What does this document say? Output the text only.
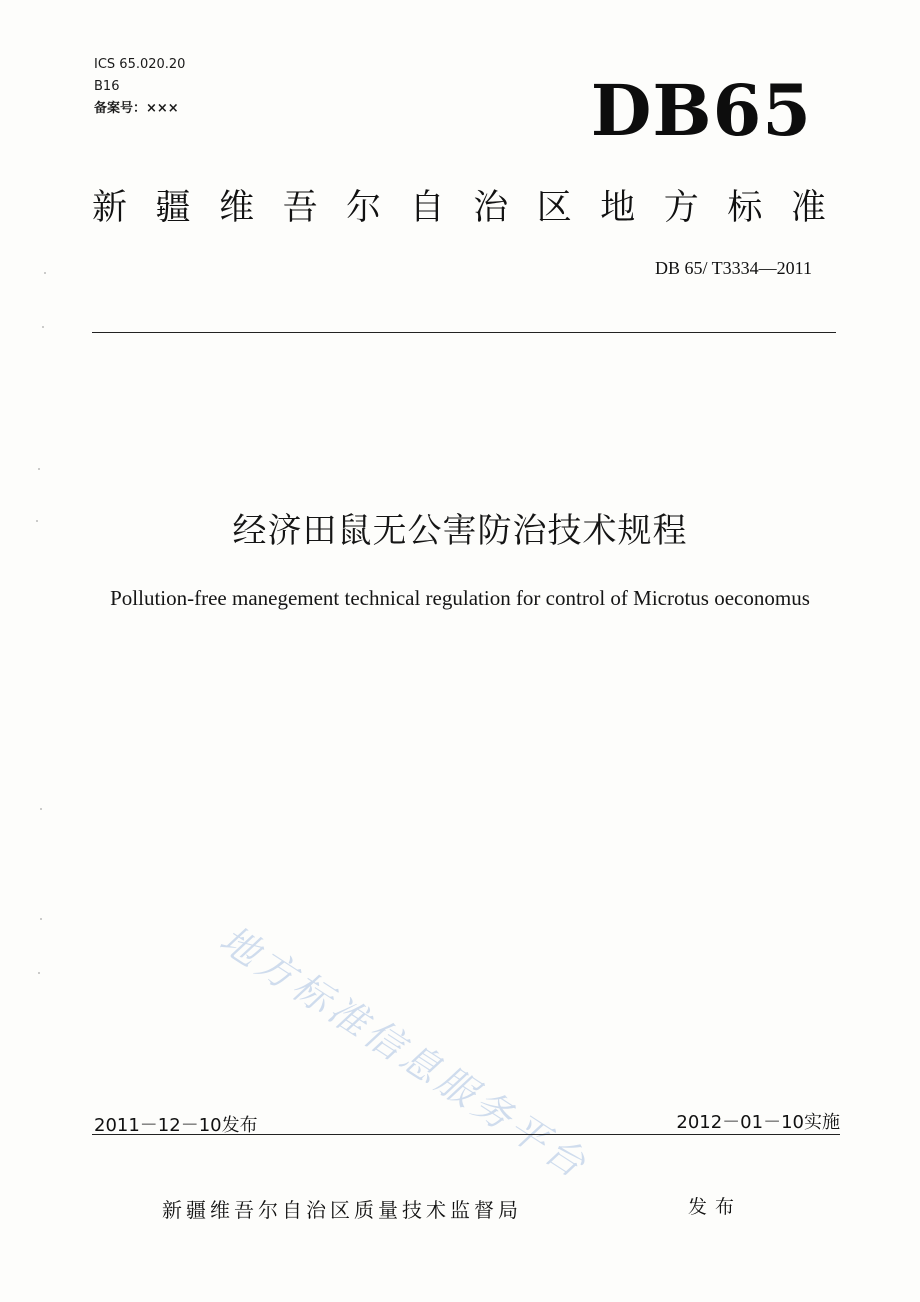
ICS 65.020.20
B16
备案号：×××	DB65
新 疆 维 吾 尔 自 治 区 地 方 标 准
DB 65/ T3334—2011
经济田鼠无公害防治技术规程
Pollution-free manegement technical regulation for control of Microtus oeconomus
地方标准信息服务平台
2011－12－10发布	2012－01－10实施
新疆维吾尔自治区质量技术监督局	发布
